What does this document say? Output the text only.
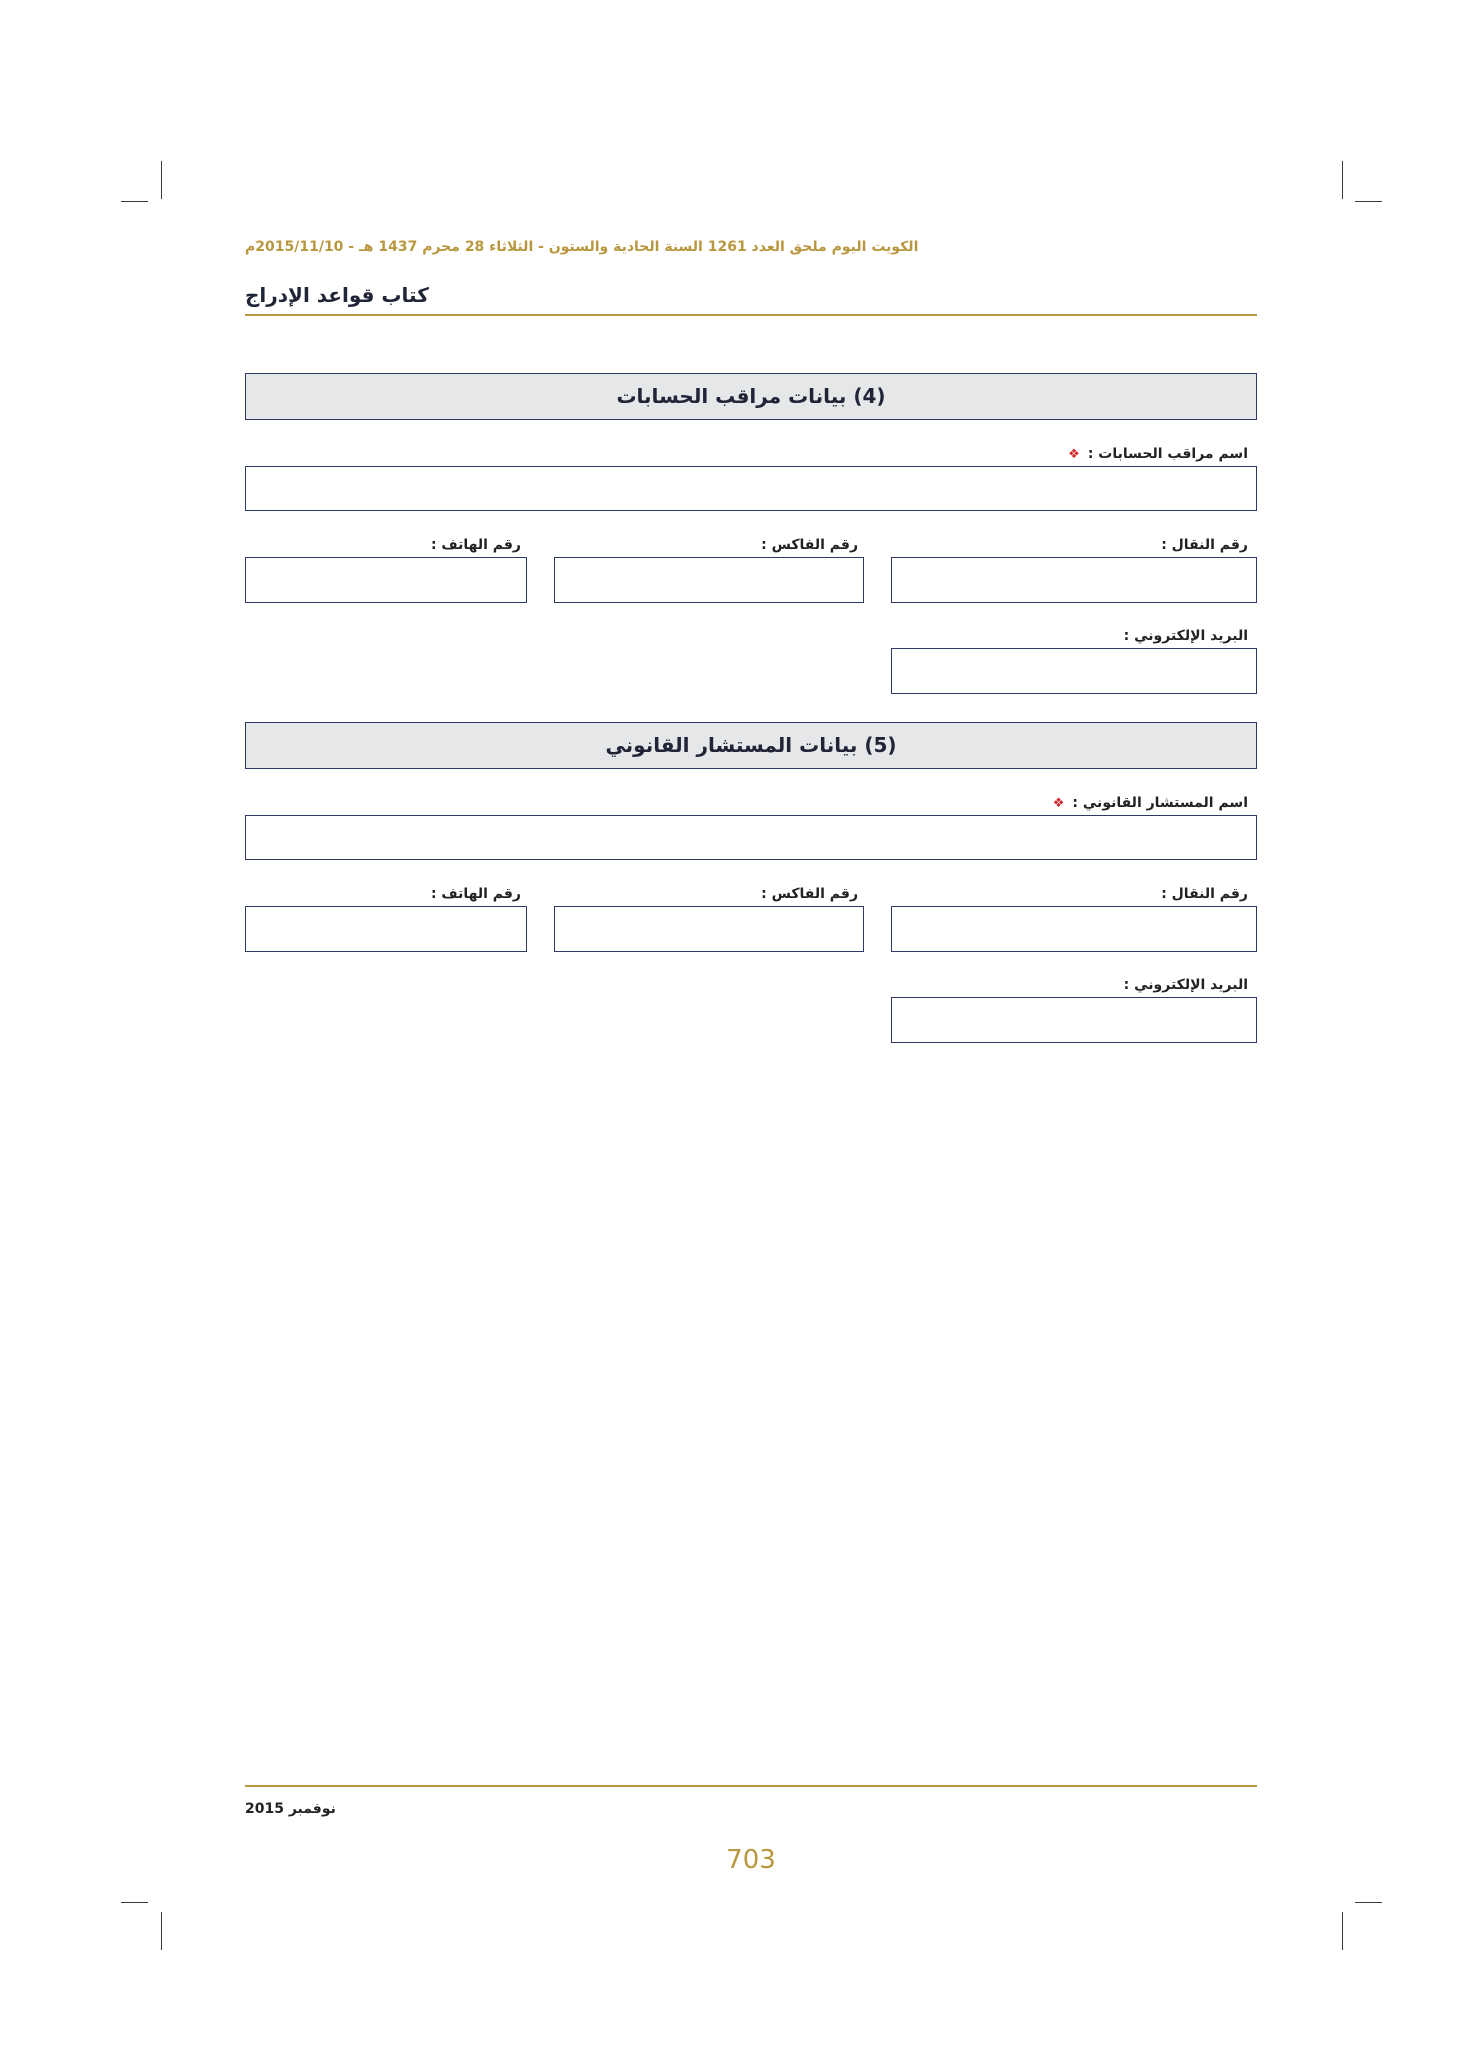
الكويت اليوم ملحق العدد 1261 السنة الحادية والستون - الثلاثاء 28 محرم 1437 هـ - 2015/11/10م
كتاب قواعد الإدراج
(4) بيانات مراقب الحسابات
اسم مراقب الحسابات :❖
رقم النقال :
رقم الفاكس :
رقم الهاتف :
البريد الإلكتروني :
(5) بيانات المستشار القانوني
اسم المستشار القانوني :❖
رقم النقال :
رقم الفاكس :
رقم الهاتف :
البريد الإلكتروني :
نوفمبر 2015
703
